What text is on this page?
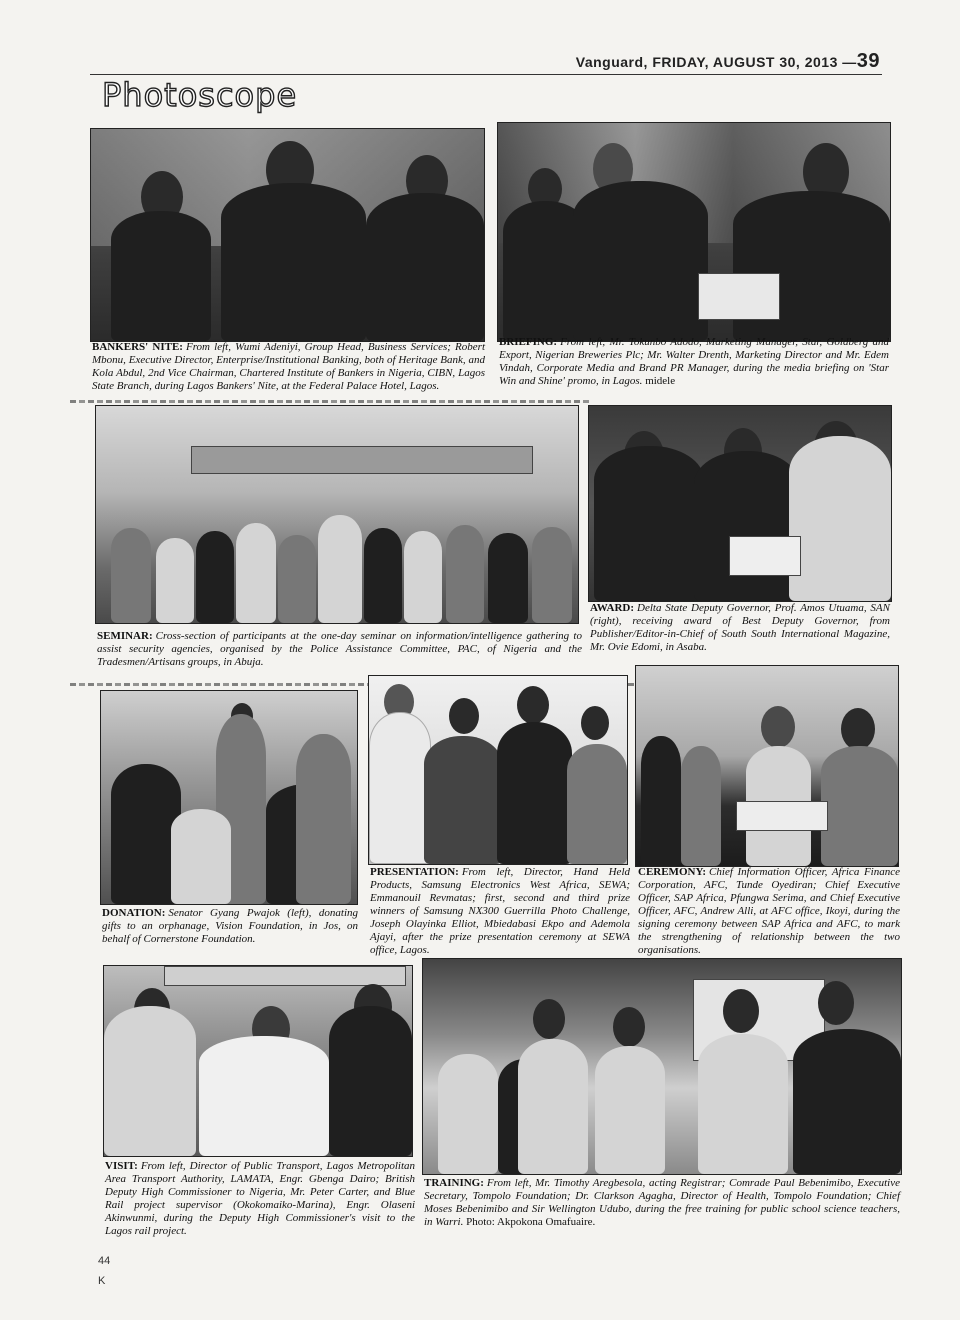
Vanguard, FRIDAY, AUGUST 30, 2013 —39
Photoscope
BANKERS' NITE: From left, Wumi Adeniyi, Group Head, Business Services; Robert Mbonu, Executive Director, Enterprise/Institutional Banking, both of Heritage Bank, and Kola Abdul, 2nd Vice Chairman, Chartered Institute of Bankers in Nigeria, CIBN, Lagos State Branch, during Lagos Bankers' Nite, at the Federal Palace Hotel, Lagos.
BRIEFING: From left, Mr. Tokunbo Adodo, Marketing Manager, Star, Goldberg and Export, Nigerian Breweries Plc; Mr. Walter Drenth, Marketing Director and Mr. Edem Vindah, Corporate Media and Brand PR Manager, during the media briefing on 'Star Win and Shine' promo, in Lagos. midele
AWARD: Delta State Deputy Governor, Prof. Amos Utuama, SAN (right), receiving award of Best Deputy Governor, from Publisher/Editor-in-Chief of South South International Magazine, Mr. Ovie Edomi, in Asaba.
SEMINAR: Cross-section of participants at the one-day seminar on information/intelligence gathering to assist security agencies, organised by the Police Assistance Committee, PAC, of Nigeria and the Tradesmen/Artisans groups, in Abuja.
PRESENTATION: From left, Director, Hand Held Products, Samsung Electronics West Africa, SEWA; Emmanouil Revmatas; first, second and third prize winners of Samsung NX300 Guerrilla Photo Challenge, Joseph Olayinka Elliot, Mbiedabasi Ekpo and Ademola Ajayi, after the prize presentation ceremony at SEWA office, Lagos.
CEREMONY: Chief Information Officer, Africa Finance Corporation, AFC, Tunde Oyediran; Chief Executive Officer, SAP Africa, Pfungwa Serima, and Chief Executive Officer, AFC, Andrew Alli, at AFC office, Ikoyi, during the signing ceremony between SAP Africa and AFC, to mark the strengthening of relationship between the two organisations.
DONATION: Senator Gyang Pwajok (left), donating gifts to an orphanage, Vision Foundation, in Jos, on behalf of Cornerstone Foundation.
VISIT: From left, Director of Public Transport, Lagos Metropolitan Area Transport Authority, LAMATA, Engr. Gbenga Dairo; British Deputy High Commissioner to Nigeria, Mr. Peter Carter, and Blue Rail project supervisor (Okokomaiko-Marina), Engr. Olaseni Akinwunmi, during the Deputy High Commissioner's visit to the Lagos rail project.
TRAINING: From left, Mr. Timothy Aregbesola, acting Registrar; Comrade Paul Bebenimibo, Executive Secretary, Tompolo Foundation; Dr. Clarkson Agagha, Director of Health, Tompolo Foundation; Chief Moses Bebenimibo and Sir Wellington Udubo, during the free training for public school science teachers, in Warri. Photo: Akpokona Omafuaire.
44
K
